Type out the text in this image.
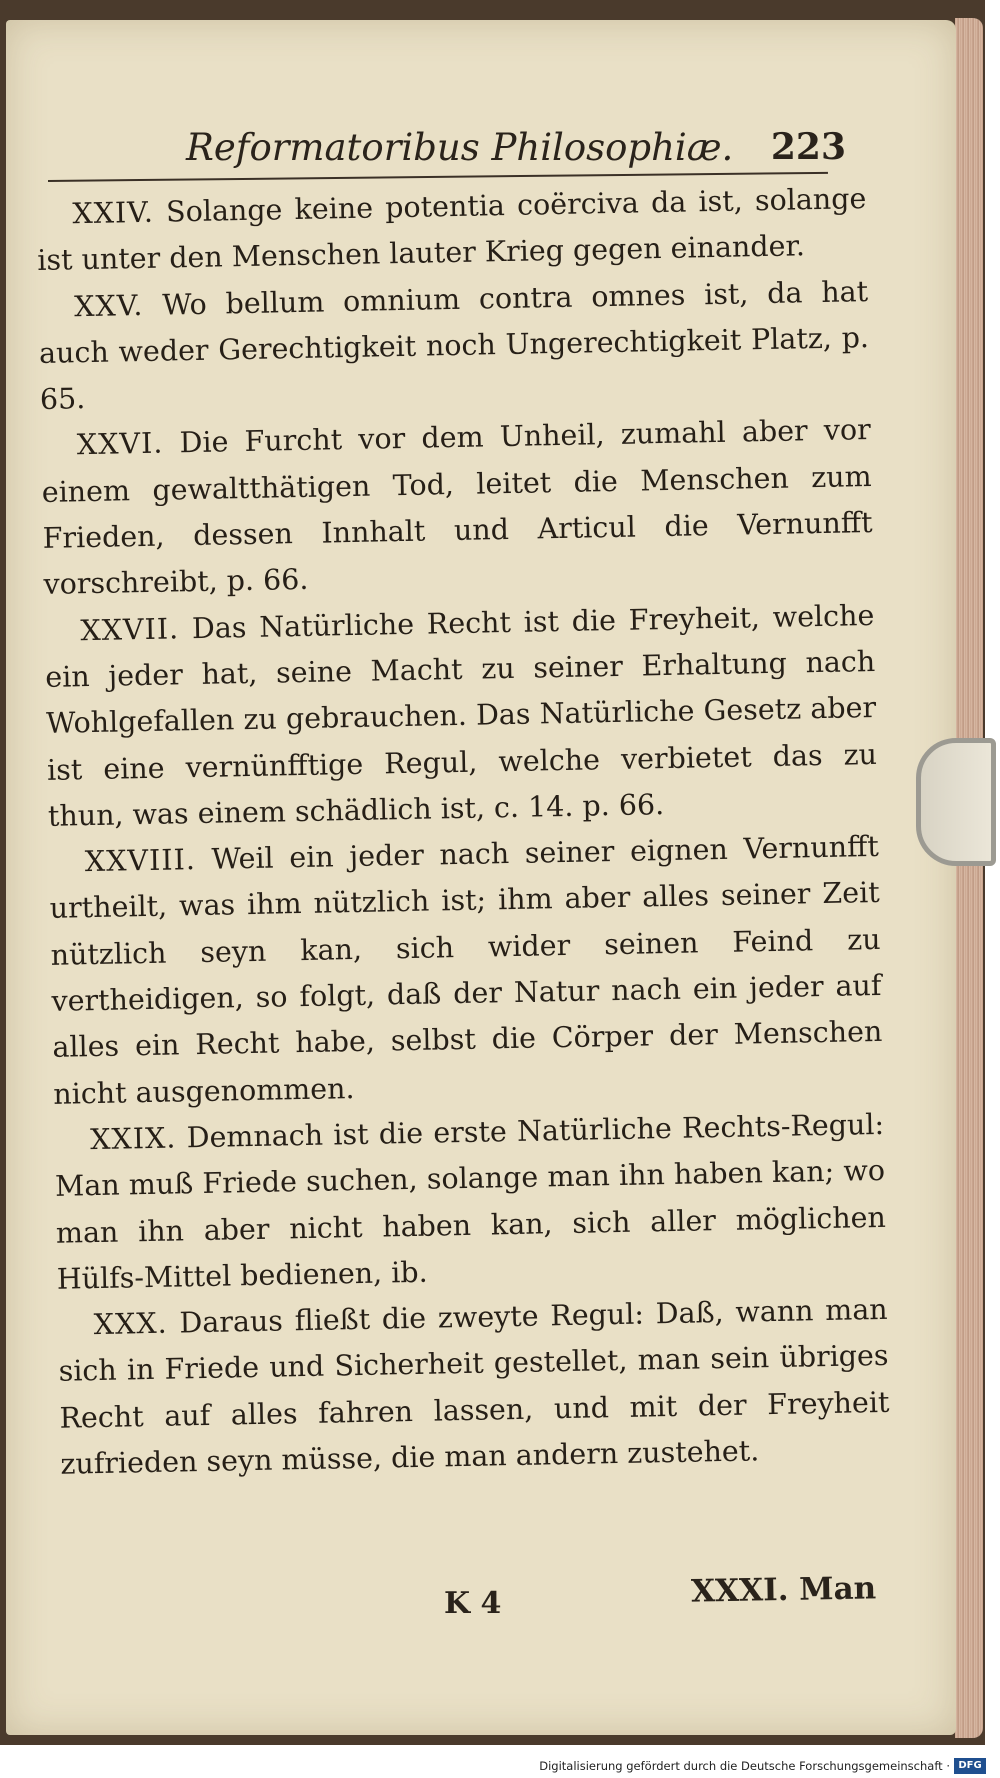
Reformatoribus Philosophiæ. 223

XXIV. Solange keine potentia coërciva da ist, solange ist unter den Menschen lauter Krieg gegen einander.

XXV. Wo bellum omnium contra omnes ist, da hat auch weder Gerechtigkeit noch Ungerechtigkeit Platz, p. 65.

XXVI. Die Furcht vor dem Unheil, zumahl aber vor einem gewaltthätigen Tod, leitet die Menschen zum Frieden, dessen Innhalt und Articul die Vernunfft vorschreibt, p. 66.

XXVII. Das Natürliche Recht ist die Freyheit, welche ein jeder hat, seine Macht zu seiner Erhaltung nach Wohlgefallen zu gebrauchen. Das Natürliche Gesetz aber ist eine vernünfftige Regul, welche verbietet das zu thun, was einem schädlich ist, c. 14. p. 66.

XXVIII. Weil ein jeder nach seiner eignen Vernunfft urtheilt, was ihm nützlich ist; ihm aber alles seiner Zeit nützlich seyn kan, sich wider seinen Feind zu vertheidigen, so folgt, daß der Natur nach ein jeder auf alles ein Recht habe, selbst die Cörper der Menschen nicht ausgenommen.

XXIX. Demnach ist die erste Natürliche Rechts-Regul: Man muß Friede suchen, solange man ihn haben kan; wo man ihn aber nicht haben kan, sich aller möglichen Hülfs-Mittel bedienen, ib.

XXX. Daraus fließt die zweyte Regul: Daß, wann man sich in Friede und Sicherheit gestellet, man sein übriges Recht auf alles fahren lassen, und mit der Freyheit zufrieden seyn müsse, die man andern zustehet.

K 4	XXXI. Man
Digitalisierung gefördert durch die Deutsche Forschungsgemeinschaft · DFG
